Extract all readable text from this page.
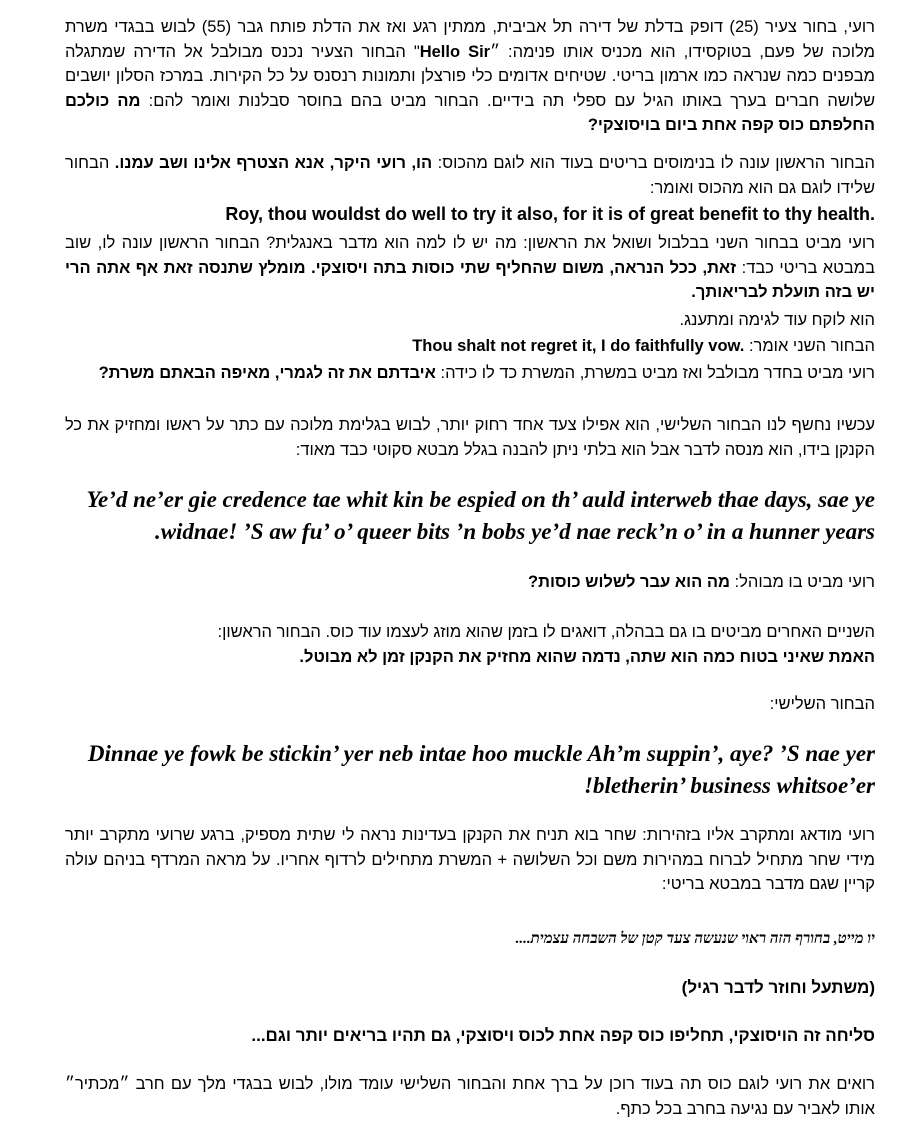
רועי, בחור צעיר (25) דופק בדלת של דירה תל אביבית, ממתין רגע ואז את הדלת פותח גבר (55) לבוש בבגדי משרת מלוכה של פעם, בטוקסידו, הוא מכניס אותו פנימה: ״Hello Sir" הבחור הצעיר נכנס מבולבל אל הדירה שמתגלה מבפנים כמה שנראה כמו ארמון בריטי. שטיחים אדומים כלי פורצלן ותמונות רנסנס על כל הקירות. במרכז הסלון יושבים שלושה חברים בערך באותו הגיל עם ספלי תה בידיים. הבחור מביט בהם בחוסר סבלנות ואומר להם: מה כולכם החלפתם כוס קפה אחת ביום בויסוצקי?
הבחור הראשון עונה לו בנימוסים בריטים בעוד הוא לוגם מהכוס: הו, רועי היקר, אנא הצטרף אלינו ושב עמנו. הבחור שלידו לוגם גם הוא מהכוס ואומר:
Roy, thou wouldst do well to try it also, for it is of great benefit to thy health.
רועי מביט בבחור השני בבלבול ושואל את הראשון: מה יש לו למה הוא מדבר באנגלית? הבחור הראשון עונה לו, שוב במבטא בריטי כבד: זאת, ככל הנראה, משום שהחליף שתי כוסות בתה ויסוצקי. מומלץ שתנסה זאת אף אתה הרי יש בזה תועלת לבריאותך.
הוא לוקח עוד לגימה ומתענג.
הבחור השני אומר: Thou shalt not regret it, I do faithfully vow.
רועי מביט בחדר מבולבל ואז מביט במשרת, המשרת כד לו כידה: איבדתם את זה לגמרי, מאיפה הבאתם משרת?
עכשיו נחשף לנו הבחור השלישי, הוא אפילו צעד אחד רחוק יותר, לבוש בגלימת מלוכה עם כתר על ראשו ומחזיק את כל הקנקן בידו, הוא מנסה לדבר אבל הוא בלתי ניתן להבנה בגלל מבטא סקוטי כבד מאוד:
Ye’d ne’er gie credence tae whit kin be espied on th’ auld interweb thae days, sae ye
widnae! ’S aw fu’ o’ queer bits ’n bobs ye’d nae reck’n o’ in a hunner years.
רועי מביט בו מבוהל: מה הוא עבר לשלוש כוסות?
השניים האחרים מביטים בו גם בבהלה, דואגים לו בזמן שהוא מוזג לעצמו עוד כוס. הבחור הראשון:
האמת שאיני בטוח כמה הוא שתה, נדמה שהוא מחזיק את הקנקן זמן לא מבוטל.
הבחור השלישי:
Dinnae ye fowk be stickin’ yer neb intae hoo muckle Ah’m suppin’, aye? ’S nae yer
bletherin’ business whitsoe’er!
רועי מודאג ומתקרב אליו בזהירות: שחר בוא תניח את הקנקן בעדינות נראה לי שתית מספיק, ברגע שרועי מתקרב יותר מידי שחר מתחיל לברוח במהירות משם וכל השלושה + המשרת מתחילים לרדוף אחריו. על מראה המרדף בניהם עולה קריין שגם מדבר במבטא בריטי:
יו מייט, בחורף הזה ראוי שנעשה צעד קטן של השבחה עצמית....
(משתעל וחוזר לדבר רגיל)
סליחה זה הויסוצקי, תחליפו כוס קפה אחת לכוס ויסוצקי, גם תהיו בריאים יותר וגם...
רואים את רועי לוגם כוס תה בעוד רוכן על ברך אחת והבחור השלישי עומד מולו, לבוש בבגדי מלך עם חרב ״מכתיר״ אותו לאביר עם נגיעה בחרב בכל כתף.
